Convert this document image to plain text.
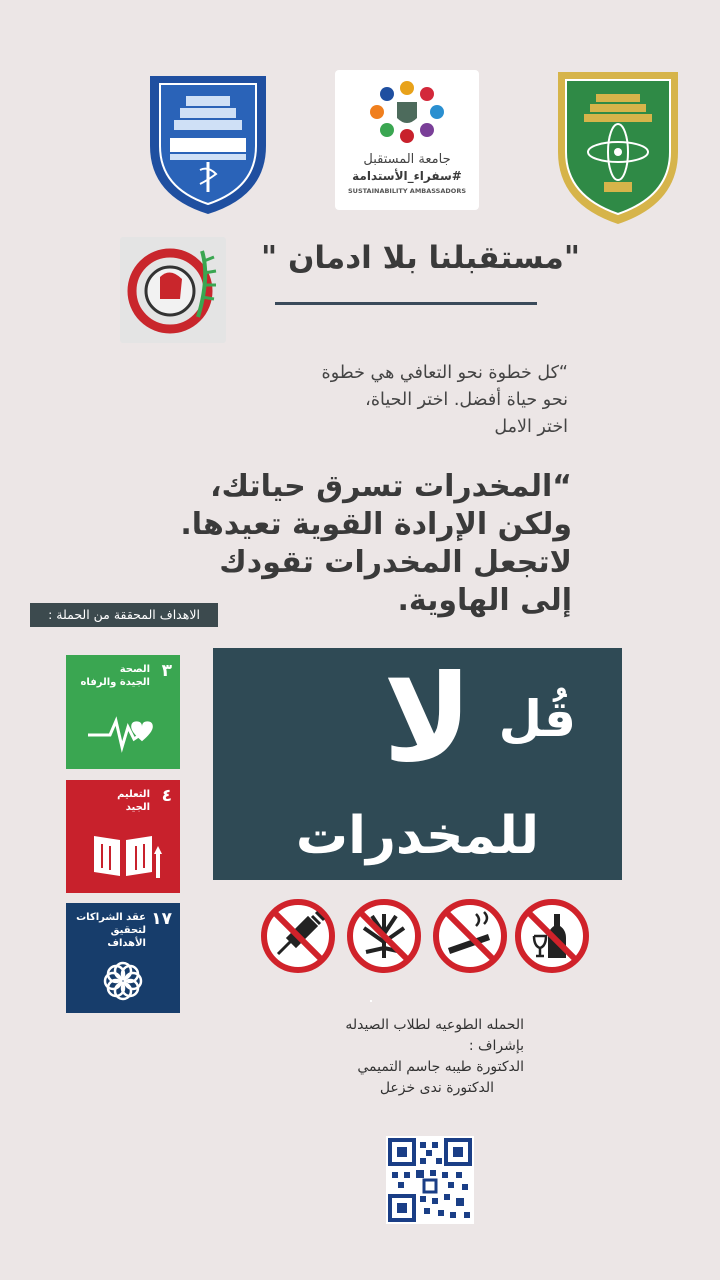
جامعة المستقبل
#سفراء_الأستدامة
SUSTAINABILITY AMBASSADORS
"مستقبلنا بلا ادمان "
“كل خطوة نحو التعافي هي خطوة
نحو حياة أفضل. اختر الحياة،
اختر الامل
“المخدرات تسرق حياتك،
ولكن الإرادة القوية تعيدها.
لاتجعل المخدرات تقودك
إلى الهاوية.
الاهداف المحققة من الحملة :
٣
الصحة
الجيدة والرفاه
٤
التعليم
الجيد
١٧
عقد الشراكات
لتحقيق
الأهداف
قُل
لا
للمخدرات
الحمله الطوعيه لطلاب الصيدله
بإشراف :
الدكتورة طيبه جاسم التميمي
الدكتورة ندى خزعل
